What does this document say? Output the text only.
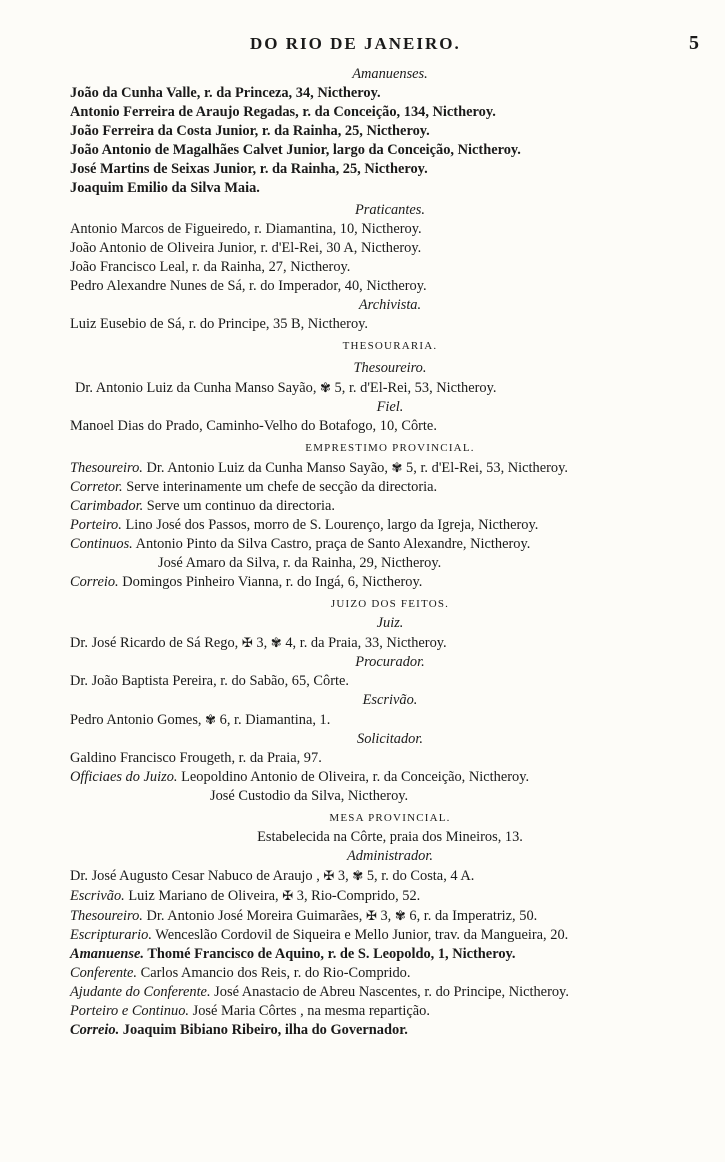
DO RIO DE JANEIRO.	5
Amanuenses.
João da Cunha Valle, r. da Princeza, 34, Nictheroy.
Antonio Ferreira de Araujo Regadas, r. da Conceição, 134, Nictheroy.
João Ferreira da Costa Junior, r. da Rainha, 25, Nictheroy.
João Antonio de Magalhães Calvet Junior, largo da Conceição, Nictheroy.
José Martins de Seixas Junior, r. da Rainha, 25, Nictheroy.
Joaquim Emilio da Silva Maia.
Praticantes.
Antonio Marcos de Figueiredo, r. Diamantina, 10, Nictheroy.
João Antonio de Oliveira Junior, r. d'El-Rei, 30 A, Nictheroy.
João Francisco Leal, r. da Rainha, 27, Nictheroy.
Pedro Alexandre Nunes de Sá, r. do Imperador, 40, Nictheroy.
Archivista.
Luiz Eusebio de Sá, r. do Principe, 35 B, Nictheroy.
THESOURARIA.
Thesoureiro.
Dr. Antonio Luiz da Cunha Manso Sayão, ✾ 5, r. d'El-Rei, 53, Nictheroy.
Fiel.
Manoel Dias do Prado, Caminho-Velho do Botafogo, 10, Côrte.
EMPRESTIMO PROVINCIAL.
Thesoureiro. Dr. Antonio Luiz da Cunha Manso Sayão, ✾ 5, r. d'El-Rei, 53, Nictheroy.
Corretor. Serve interinamente um chefe de secção da directoria.
Carimbador. Serve um continuo da directoria.
Porteiro. Lino José dos Passos, morro de S. Lourenço, largo da Igreja, Nictheroy.
Continuos. Antonio Pinto da Silva Castro, praça de Santo Alexandre, Nictheroy.
José Amaro da Silva, r. da Rainha, 29, Nictheroy.
Correio. Domingos Pinheiro Vianna, r. do Ingá, 6, Nictheroy.
JUIZO DOS FEITOS.
Juiz.
Dr. José Ricardo de Sá Rego, ✠ 3, ✾ 4, r. da Praia, 33, Nictheroy.
Procurador.
Dr. João Baptista Pereira, r. do Sabão, 65, Côrte.
Escrivão.
Pedro Antonio Gomes, ✾ 6, r. Diamantina, 1.
Solicitador.
Galdino Francisco Frougeth, r. da Praia, 97.
Officiaes do Juizo. Leopoldino Antonio de Oliveira, r. da Conceição, Nictheroy.
José Custodio da Silva, Nictheroy.
MESA PROVINCIAL.
Estabelecida na Côrte, praia dos Mineiros, 13.
Administrador.
Dr. José Augusto Cesar Nabuco de Araujo , ✠ 3, ✾ 5, r. do Costa, 4 A.
Escrivão. Luiz Mariano de Oliveira, ✠ 3, Rio-Comprido, 52.
Thesoureiro. Dr. Antonio José Moreira Guimarães, ✠ 3, ✾ 6, r. da Imperatriz, 50.
Escripturario. Wenceslão Cordovil de Siqueira e Mello Junior, trav. da Mangueira, 20.
Amanuense. Thomé Francisco de Aquino, r. de S. Leopoldo, 1, Nictheroy.
Conferente. Carlos Amancio dos Reis, r. do Rio-Comprido.
Ajudante do Conferente. José Anastacio de Abreu Nascentes, r. do Principe, Nictheroy.
Porteiro e Continuo. José Maria Côrtes , na mesma repartição.
Correio. Joaquim Bibiano Ribeiro, ilha do Governador.
